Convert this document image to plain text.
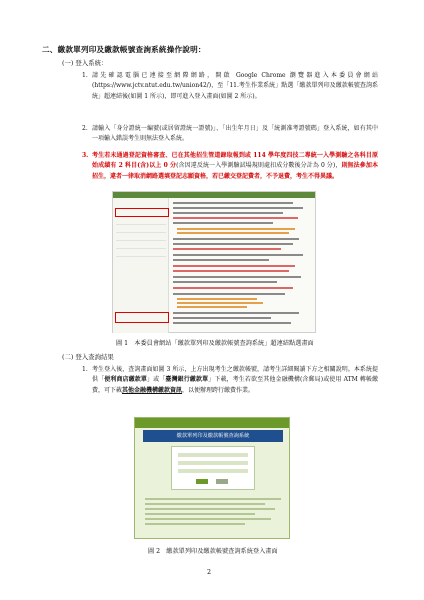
二、繳款單列印及繳款帳號查詢系統操作說明：
(一) 登入系統：
1. 請先確認電腦已連接至網際網路，開啟 Google Chrome 瀏覽器進入本委員會網站(https://www.jctv.ntut.edu.tw/union42/)，至「11.考生作業系統」點選「繳款單列印及繳款帳號查詢系統」超連結後(如圖 1 所示)，即可進入登入畫面(如圖 2 所示)。

2. 請輸入「身分證統一編號(或居留證統一證號)」、「出生年月日」及「統測准考證號碼」登入系統，如有其中一項輸入錯誤考生則無法登入系統。

3. 考生若未通過登記資格審查、已在其他招生管道錄取報到或 114 學年度四技二專統一入學測驗之各科目原始成績有 2 科目(含)以上 0 分(含因違反統一入學測驗試場規則處扣成分數後分計為 0 分)，則無法參加本招生，違者一律取消網路選填登記志願資格，若已繳交登記費者，不予退費，考生不得異議。

圖 1　本委員會網站「繳款單列印及繳款帳號查詢系統」超連結點選畫面
(二) 登入查詢結果
1. 考生登入後，查詢畫面如圖 3 所示，上方出現考生之繳款帳號，請考生詳細閱讀下方之相關說明。本系統提供「便利商店繳款單」或「臺灣銀行繳款單」下載，考生若欲至其他金融機構(含郵局)或使用 ATM 轉帳繳費，可下載其他金融機構繳款資訊，以便辦理跨行繳費作業。

繳款單列印及繳款帳號查詢系統
圖 2　繳款單列印及繳款帳號查詢系統登入畫面
2
